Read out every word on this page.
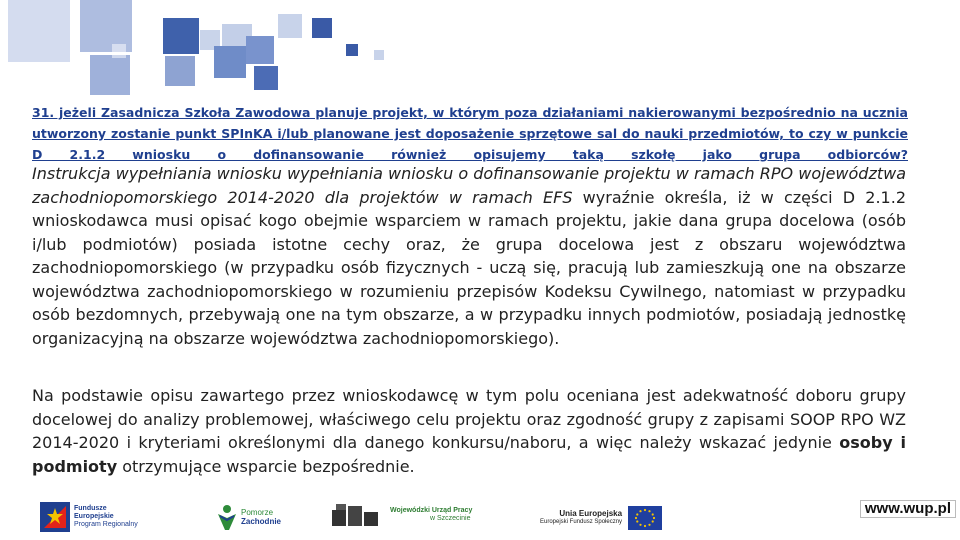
31. jeżeli Zasadnicza Szkoła Zawodowa planuje projekt, w którym poza działaniami nakierowanymi bezpośrednio na ucznia utworzony zostanie punkt SPInKA i/lub planowane jest doposażenie sprzętowe sal do nauki przedmiotów, to czy w punkcie D 2.1.2 wniosku o dofinansowanie również opisujemy taką szkołę jako grupa odbiorców?
Instrukcja wypełniania wniosku wypełniania wniosku o dofinansowanie projektu w ramach RPO województwa zachodniopomorskiego 2014-2020 dla projektów w ramach EFS wyraźnie określa, iż w części D 2.1.2 wnioskodawca musi opisać kogo obejmie wsparciem w ramach projektu, jakie dana grupa docelowa (osób i/lub podmiotów) posiada istotne cechy oraz, że grupa docelowa jest z obszaru województwa zachodniopomorskiego (w przypadku osób fizycznych - uczą się, pracują lub zamieszkują one na obszarze województwa zachodniopomorskiego w rozumieniu przepisów Kodeksu Cywilnego, natomiast w przypadku osób bezdomnych, przebywają one na tym obszarze, a w przypadku innych podmiotów, posiadają jednostkę organizacyjną na obszarze województwa zachodniopomorskiego).
Na podstawie opisu zawartego przez wnioskodawcę w tym polu oceniana jest adekwatność doboru grupy docelowej do analizy problemowej, właściwego celu projektu oraz zgodność grupy z zapisami SOOP RPO WZ 2014-2020 i kryteriami określonymi dla danego konkursu/naboru, a więc należy wskazać jedynie osoby i podmioty otrzymujące wsparcie bezpośrednie.
Fundusze
Europejskie
Program Regionalny
Pomorze
Zachodnie
Wojewódzki Urząd Pracy
w Szczecinie
Unia Europejska
Europejski Fundusz Społeczny
www.wup.pl
